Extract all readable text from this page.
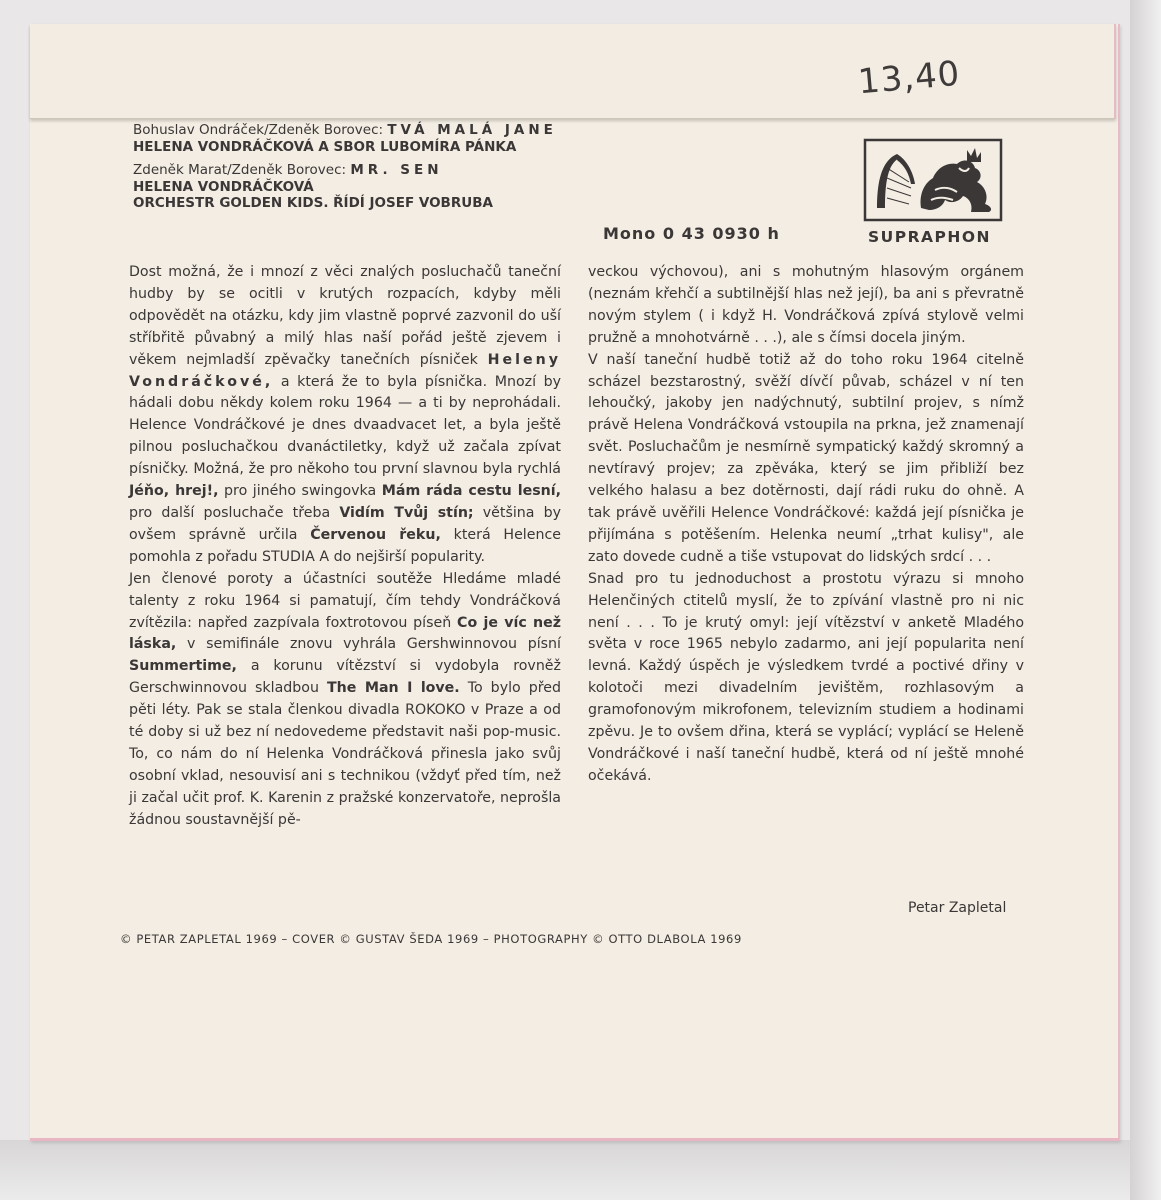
13,40
Bohuslav Ondráček/Zdeněk Borovec: TVÁ MALÁ JANE
HELENA VONDRÁČKOVÁ A SBOR LUBOMÍRA PÁNKA
Zdeněk Marat/Zdeněk Borovec: MR. SEN
HELENA VONDRÁČKOVÁ
ORCHESTR GOLDEN KIDS. ŘÍDÍ JOSEF VOBRUBA
Mono 0 43 0930 h	SUPRAPHON

Dost možná, že i mnozí z věci znalých posluchačů taneční hudby by se ocitli v krutých rozpacích, kdyby měli odpovědět na otázku, kdy jim vlastně poprvé zazvonil do uší stříbřitě půvabný a milý hlas naší pořád ještě zjevem i věkem nejmladší zpěvačky tanečních písniček Heleny Vondráčkové, a která že to byla písnička. Mnozí by hádali dobu někdy kolem roku 1964 — a ti by neprohádali. Helence Vondráčkové je dnes dvaadvacet let, a byla ještě pilnou posluchačkou dvanáctiletky, když už začala zpívat písničky. Možná, že pro někoho tou první slavnou byla rychlá Jéňo, hrej!, pro jiného swingovka Mám ráda cestu lesní, pro další posluchače třeba Vidím Tvůj stín; většina by ovšem správně určila Červenou řeku, která Helence pomohla z pořadu STUDIA A do nejširší popularity.

Jen členové poroty a účastníci soutěže Hledáme mladé talenty z roku 1964 si pamatují, čím tehdy Vondráčková zvítězila: napřed zazpívala foxtrotovou píseň Co je víc než láska, v semifinále znovu vyhrála Gershwinnovou písní Summertime, a korunu vítězství si vydobyla rovněž Gerschwinnovou skladbou The Man I love. To bylo před pěti léty. Pak se stala členkou divadla ROKOKO v Praze a od té doby si už bez ní nedovedeme představit naši pop-music. To, co nám do ní Helenka Vondráčková přinesla jako svůj osobní vklad, nesouvisí ani s technikou (vždyť před tím, než ji začal učit prof. K. Karenin z pražské konzervatoře, neprošla žádnou soustavnější pě-

veckou výchovou), ani s mohutným hlasovým orgánem (neznám křehčí a subtilnější hlas než její), ba ani s převratně novým stylem ( i když H. Vondráčková zpívá stylově velmi pružně a mnohotvárně . . .), ale s čímsi docela jiným.

V naší taneční hudbě totiž až do toho roku 1964 citelně scházel bezstarostný, svěží dívčí půvab, scházel v ní ten lehoučký, jakoby jen nadýchnutý, subtilní projev, s nímž právě Helena Vondráčková vstoupila na prkna, jež znamenají svět. Posluchačům je nesmírně sympatický každý skromný a nevtíravý projev; za zpěváka, který se jim přibliží bez velkého halasu a bez dotěrnosti, dají rádi ruku do ohně. A tak právě uvěřili Helence Vondráčkové: každá její písnička je přijímána s potěšením. Helenka neumí „trhat kulisy", ale zato dovede cudně a tiše vstupovat do lidských srdcí . . .

Snad pro tu jednoduchost a prostotu výrazu si mnoho Helenčiných ctitelů myslí, že to zpívání vlastně pro ni nic není . . . To je krutý omyl: její vítězství v anketě Mladého světa v roce 1965 nebylo zadarmo, ani její popularita není levná. Každý úspěch je výsledkem tvrdé a poctivé dřiny v kolotoči mezi divadelním jevištěm, rozhlasovým a gramofonovým mikrofonem, televizním studiem a hodinami zpěvu. Je to ovšem dřina, která se vyplácí; vyplácí se Heleně Vondráčkové i naší taneční hudbě, která od ní ještě mnohé očekává.

Petar Zapletal
© PETAR ZAPLETAL 1969 – COVER © GUSTAV ŠEDA 1969 – PHOTOGRAPHY © OTTO DLABOLA 1969
